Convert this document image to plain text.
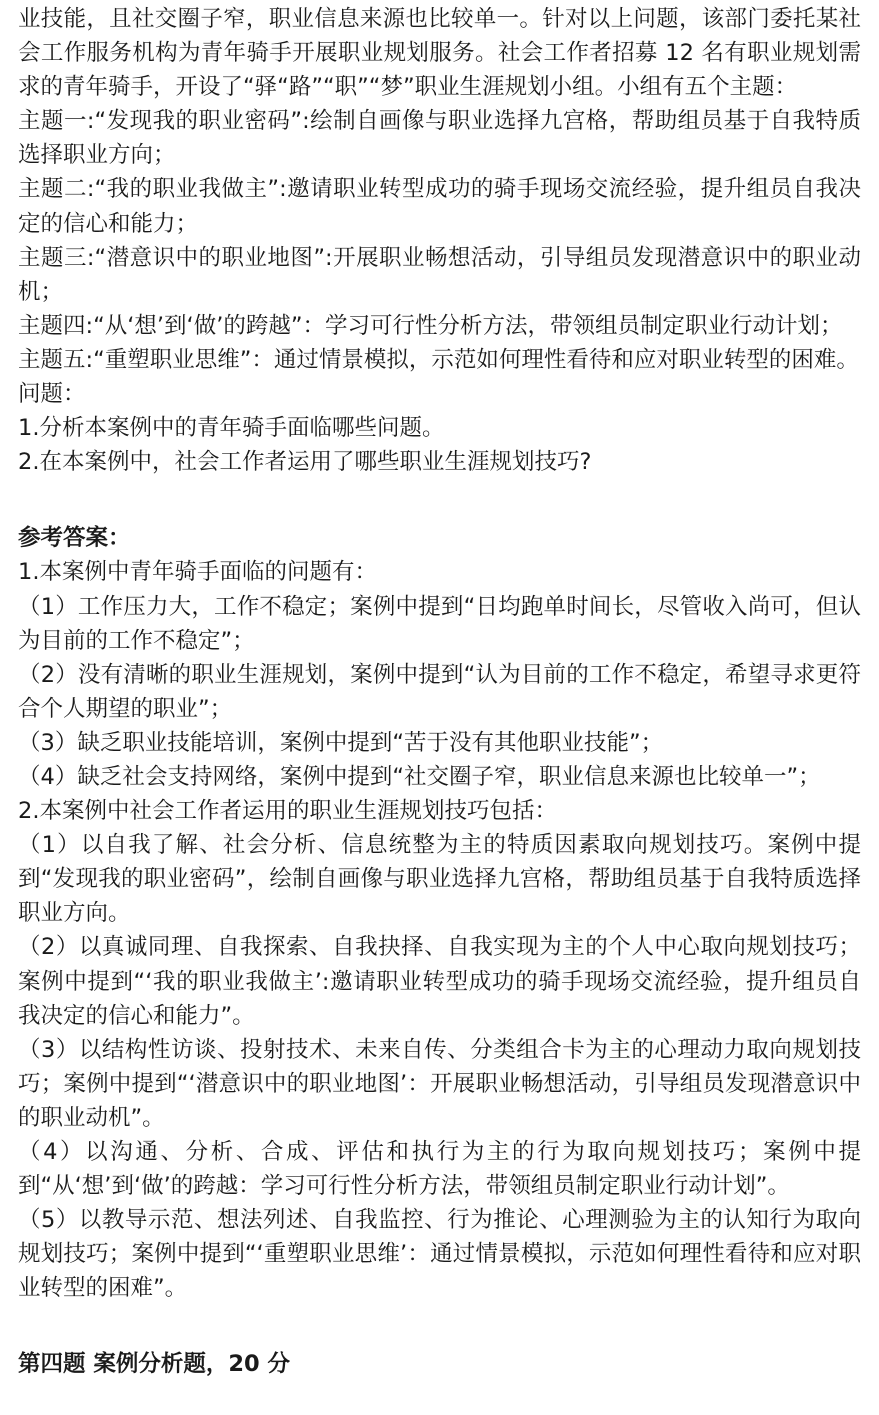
业技能，且社交圈子窄，职业信息来源也比较单一。针对以上问题，该部门委托某社会工作服务机构为青年骑手开展职业规划服务。社会工作者招募 12 名有职业规划需求的青年骑手，开设了“驿“路”“职”“梦”职业生涯规划小组。小组有五个主题：

主题一:“发现我的职业密码”:绘制自画像与职业选择九宫格，帮助组员基于自我特质选择职业方向；

主题二:“我的职业我做主”:邀请职业转型成功的骑手现场交流经验，提升组员自我决定的信心和能力；

主题三:“潜意识中的职业地图”:开展职业畅想活动，引导组员发现潜意识中的职业动机；

主题四:“从‘想’到‘做’的跨越”：学习可行性分析方法，带领组员制定职业行动计划；

主题五:“重塑职业思维”：通过情景模拟，示范如何理性看待和应对职业转型的困难。

问题：

1.分析本案例中的青年骑手面临哪些问题。

2.在本案例中，社会工作者运用了哪些职业生涯规划技巧?

参考答案：

1.本案例中青年骑手面临的问题有：

（1）工作压力大，工作不稳定；案例中提到“日均跑单时间长，尽管收入尚可，但认为目前的工作不稳定”；

（2）没有清晰的职业生涯规划，案例中提到“认为目前的工作不稳定，希望寻求更符合个人期望的职业”；

（3）缺乏职业技能培训，案例中提到“苦于没有其他职业技能”；

（4）缺乏社会支持网络，案例中提到“社交圈子窄，职业信息来源也比较单一”；

2.本案例中社会工作者运用的职业生涯规划技巧包括：

（1）以自我了解、社会分析、信息统整为主的特质因素取向规划技巧。案例中提到“发现我的职业密码”，绘制自画像与职业选择九宫格，帮助组员基于自我特质选择职业方向。

（2）以真诚同理、自我探索、自我抉择、自我实现为主的个人中心取向规划技巧；案例中提到“‘我的职业我做主’:邀请职业转型成功的骑手现场交流经验，提升组员自我决定的信心和能力”。

（3）以结构性访谈、投射技术、未来自传、分类组合卡为主的心理动力取向规划技巧；案例中提到“‘潜意识中的职业地图’：开展职业畅想活动，引导组员发现潜意识中的职业动机”。

（4）以沟通、分析、合成、评估和执行为主的行为取向规划技巧；案例中提到“从‘想’到‘做’的跨越：学习可行性分析方法，带领组员制定职业行动计划”。

（5）以教导示范、想法列述、自我监控、行为推论、心理测验为主的认知行为取向规划技巧；案例中提到“‘重塑职业思维’：通过情景模拟，示范如何理性看待和应对职业转型的困难”。

第四题 案例分析题，20 分
